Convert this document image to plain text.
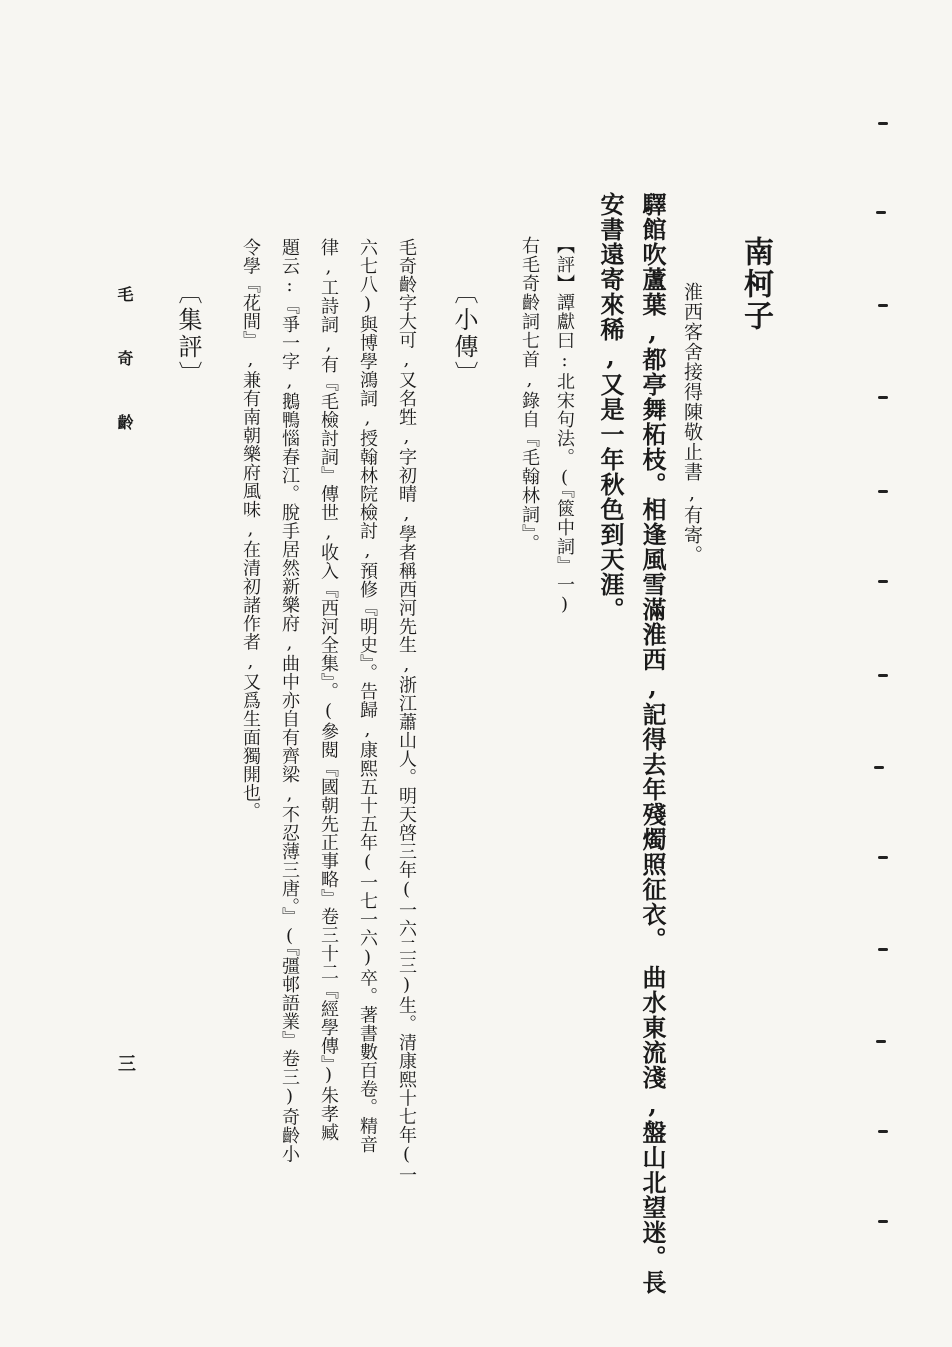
南柯子
淮西客舍接得陳敬止書,有寄。
驛館吹蘆葉,都亭舞柘枝。相逢風雪滿淮西,記得去年殘燭照征衣。　曲水東流淺,盤山北望迷。長
安書遠寄來稀,又是一年秋色到天涯。
【評】譚獻曰:北宋句法。(『篋中詞』一)
右毛奇齡詞七首,錄自『毛翰林詞』。
〔小傳〕
毛奇齡字大可,又名甡,字初晴,學者稱西河先生,浙江蕭山人。明天啓三年(一六二三)生。清康熙十七年(一
六七八)與博學鴻詞,授翰林院檢討,預修『明史』。告歸,康熙五十五年(一七一六)卒。著書數百卷。精音
律,工詩詞,有『毛檢討詞』傳世,收入『西河全集』。(參閱『國朝先正事略』卷三十二『經學傳』)朱孝臧
題云:『爭一字,鵝鴨惱春江。脫手居然新樂府,曲中亦自有齊梁,不忍薄三唐。』(『彊邨語業』卷三)奇齡小
令學『花間』,兼有南朝樂府風味,在清初諸作者,又爲生面獨開也。
〔集評〕
毛奇齡
三
